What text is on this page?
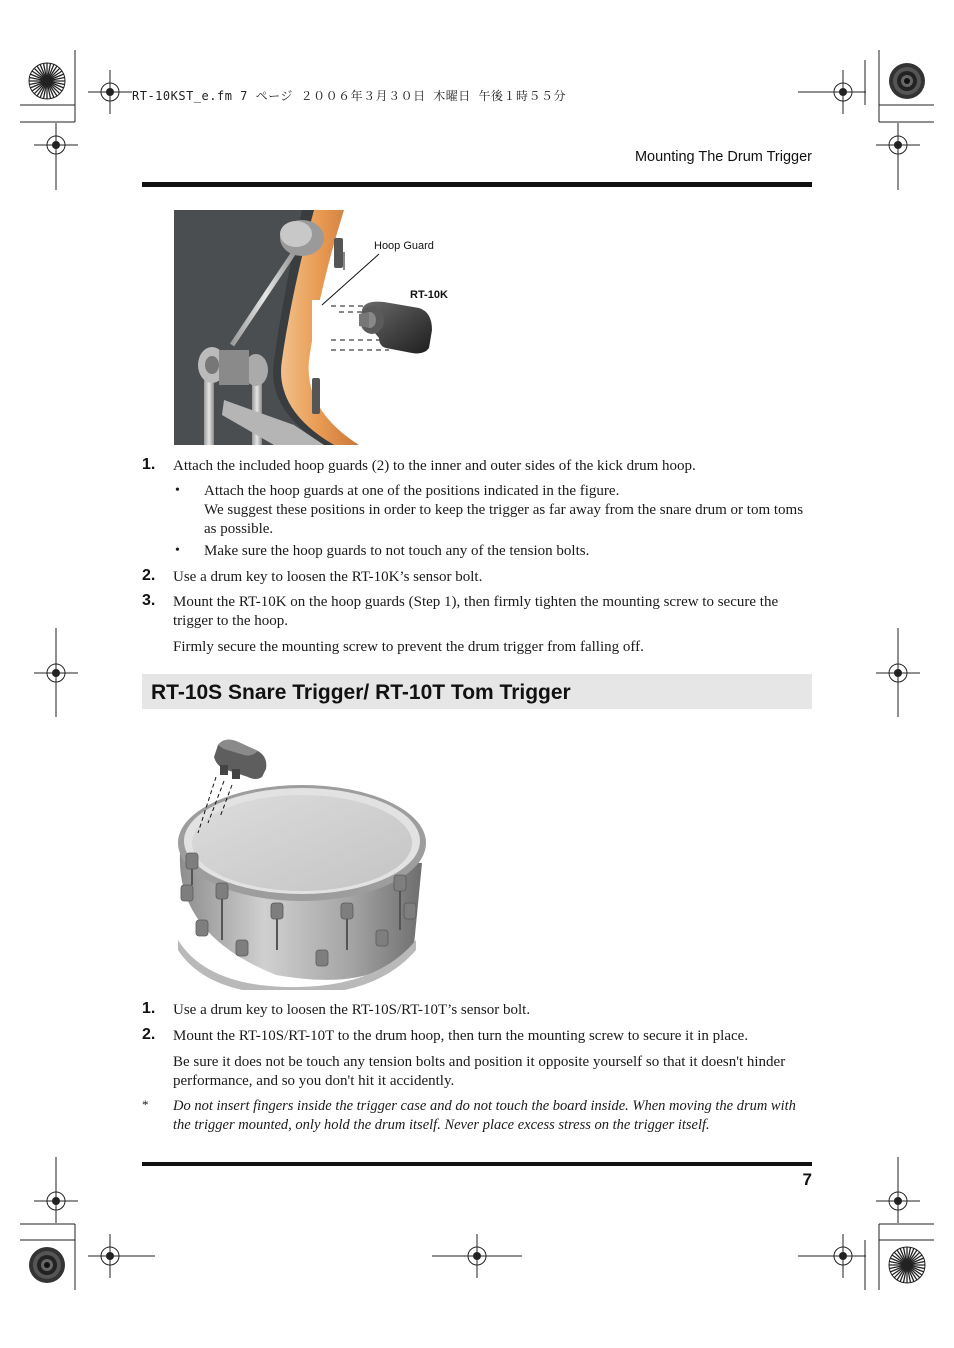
RT-10KST_e.fm 7 ページ ２００６年３月３０日 木曜日 午後１時５５分
Mounting The Drum Trigger
Hoop Guard
RT-10K
1. Attach the included hoop guards (2) to the inner and outer sides of the kick drum hoop.
• Attach the hoop guards at one of the positions indicated in the figure.
We suggest these positions in order to keep the trigger as far away from the snare drum or tom toms as possible.
• Make sure the hoop guards to not touch any of the tension bolts.
2. Use a drum key to loosen the RT-10K’s sensor bolt.
3. Mount the RT-10K on the hoop guards (Step 1), then firmly tighten the mounting screw to secure the trigger to the hoop.
Firmly secure the mounting screw to prevent the drum trigger from falling off.
RT-10S Snare Trigger/ RT-10T Tom Trigger
1. Use a drum key to loosen the RT-10S/RT-10T’s sensor bolt.
2. Mount the RT-10S/RT-10T to the drum hoop, then turn the mounting screw to secure it in place.
Be sure it does not be touch any tension bolts and position it opposite yourself so that it doesn't hinder performance, and so you don't hit it accidently.
* Do not insert fingers inside the trigger case and do not touch the board inside. When moving the drum with the trigger mounted, only hold the drum itself. Never place excess stress on the trigger itself.
7
